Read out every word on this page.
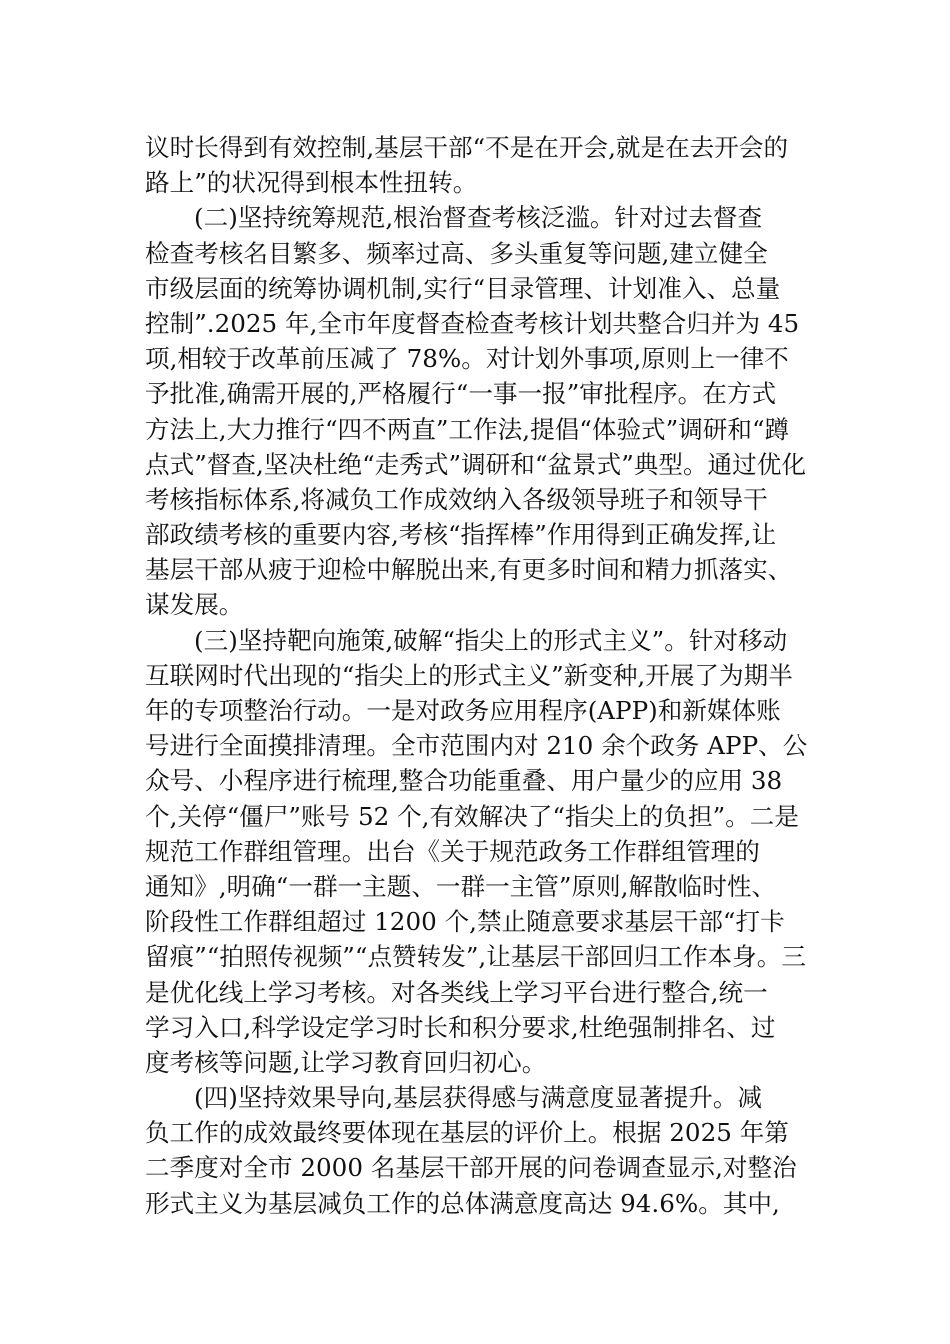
议时长得到有效控制,基层干部“不是在开会,就是在去开会的
路上”的状况得到根本性扭转。
(二)坚持统筹规范,根治督查考核泛滥。针对过去督查
检查考核名目繁多、频率过高、多头重复等问题,建立健全
市级层面的统筹协调机制,实行“目录管理、计划准入、总量
控制”.2025 年,全市年度督查检查考核计划共整合归并为 45
项,相较于改革前压减了 78%。对计划外事项,原则上一律不
予批准,确需开展的,严格履行“一事一报”审批程序。在方式
方法上,大力推行“四不两直”工作法,提倡“体验式”调研和“蹲
点式”督查,坚决杜绝“走秀式”调研和“盆景式”典型。通过优化
考核指标体系,将减负工作成效纳入各级领导班子和领导干
部政绩考核的重要内容,考核“指挥棒”作用得到正确发挥,让
基层干部从疲于迎检中解脱出来,有更多时间和精力抓落实、
谋发展。
(三)坚持靶向施策,破解“指尖上的形式主义”。针对移动
互联网时代出现的“指尖上的形式主义”新变种,开展了为期半
年的专项整治行动。一是对政务应用程序(APP)和新媒体账
号进行全面摸排清理。全市范围内对 210 余个政务 APP、公
众号、小程序进行梳理,整合功能重叠、用户量少的应用 38
个,关停“僵尸”账号 52 个,有效解决了“指尖上的负担”。二是
规范工作群组管理。出台《关于规范政务工作群组管理的
通知》,明确“一群一主题、一群一主管”原则,解散临时性、
阶段性工作群组超过 1200 个,禁止随意要求基层干部“打卡
留痕”“拍照传视频”“点赞转发”,让基层干部回归工作本身。三
是优化线上学习考核。对各类线上学习平台进行整合,统一
学习入口,科学设定学习时长和积分要求,杜绝强制排名、过
度考核等问题,让学习教育回归初心。
(四)坚持效果导向,基层获得感与满意度显著提升。减
负工作的成效最终要体现在基层的评价上。根据 2025 年第
二季度对全市 2000 名基层干部开展的问卷调查显示,对整治
形式主义为基层减负工作的总体满意度高达 94.6%。其中,
